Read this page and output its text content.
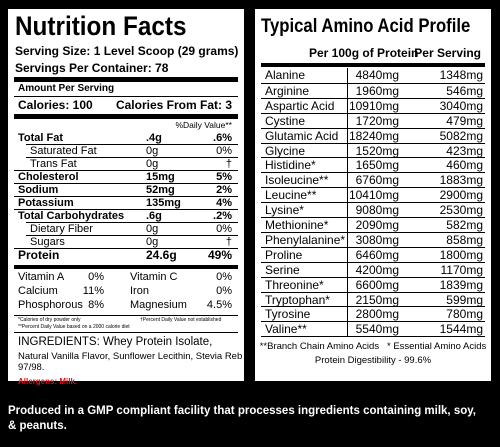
Nutrition Facts
Serving Size: 1 Level Scoop (29 grams)
Servings Per Container: 78
Amount Per Serving
Calories: 100 Calories From Fat: 3
%Daily Value**
Total Fat	.4g	.6%
Saturated Fat	0g	0%
Trans Fat	0g	†
Cholesterol	15mg	5%
Sodium	52mg	2%
Potassium	135mg	4%
Total Carbohydrates .6g	.2%
Dietary Fiber	0g	0%
Sugars	0g	†
Protein	24.6g	49%
Vitamin A	0% Vitamin C	0%
Calcium	11% Iron	0%
Phosphorous 8% Magnesium 4.5%
*Calories of dry powder only	†Percent Daily Value not established
**Percent Daily Value based on a 2000 calorie diet
INGREDIENTS: Whey Protein Isolate,
Natural Vanilla Flavor, Sunflower Lecithin, Stevia Reb A
97/98.
Allergens: Milk.
Typical Amino Acid Profile
Per 100g of Protein
Per Serving
Alanine	4840mg	1348mg
Arginine	1960mg	546mg
Aspartic Acid 10910mg	3040mg
Cystine	1720mg	479mg
Glutamic Acid 18240mg	5082mg
Glycine	1520mg	423mg
Histidine*	1650mg	460mg
Isoleucine** 6760mg	1883mg
Leucine**	10410mg	2900mg
Lysine*	9080mg	2530mg
Methionine* 2090mg	582mg
Phenylalanine* 3080mg	858mg
Proline	6460mg	1800mg
Serine	4200mg	1170mg
Threonine*	6600mg	1839mg
Tryptophan* 2150mg	599mg
Tyrosine	2800mg	780mg
Valine**	5540mg	1544mg
**Branch Chain Amino Acids   * Essential Amino Acids
Protein Digestibility - 99.6%
Produced in a GMP compliant facility that processes ingredients containing milk, soy,
& peanuts.
